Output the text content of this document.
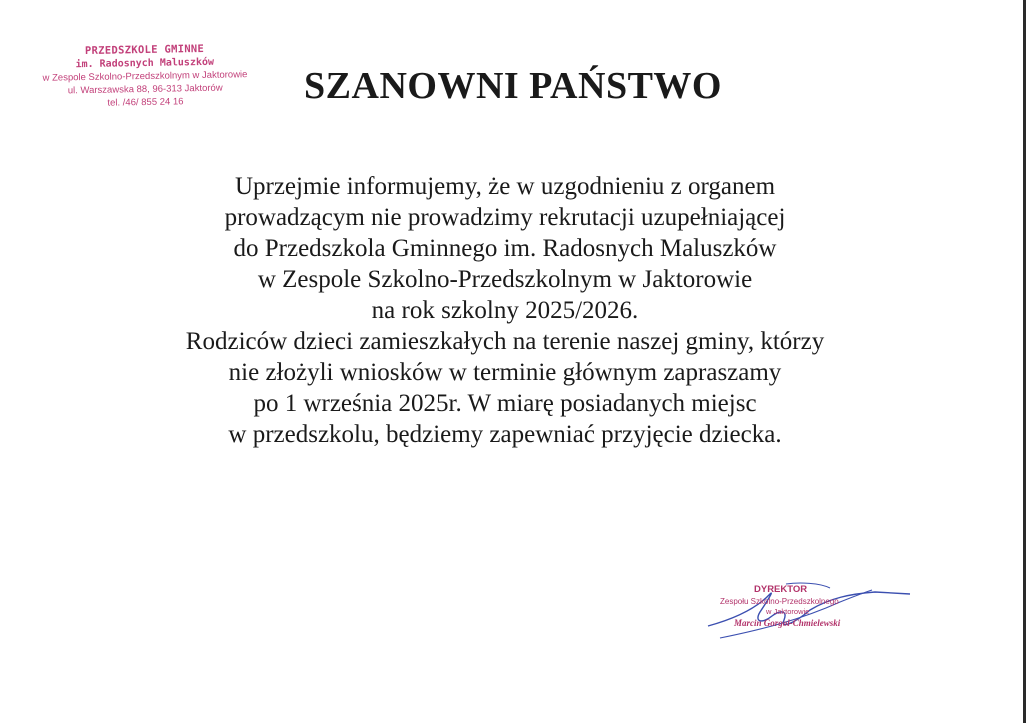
PRZEDSZKOLE GMINNE
im. Radosnych Maluszków
w Zespole Szkolno-Przedszkolnym w Jaktorowie
ul. Warszawska 88, 96-313 Jaktorów
tel. /46/ 855 24 16	SZANOWNI PAŃSTWO
Uprzejmie informujemy, że w uzgodnieniu z organem
prowadzącym nie prowadzimy rekrutacji uzupełniającej
do Przedszkola Gminnego im. Radosnych Maluszków
w Zespole Szkolno-Przedszkolnym w Jaktorowie
na rok szkolny 2025/2026.
Rodziców dzieci zamieszkałych na terenie naszej gminy, którzy
nie złożyli wniosków w terminie głównym zapraszamy
po 1 września 2025r. W miarę posiadanych miejsc
w przedszkolu, będziemy zapewniać przyjęcie dziecka.
DYREKTOR
Zespołu Szkolno-Przedszkolnego
w Jaktorowie
Marcin Gorgol-Chmielewski
